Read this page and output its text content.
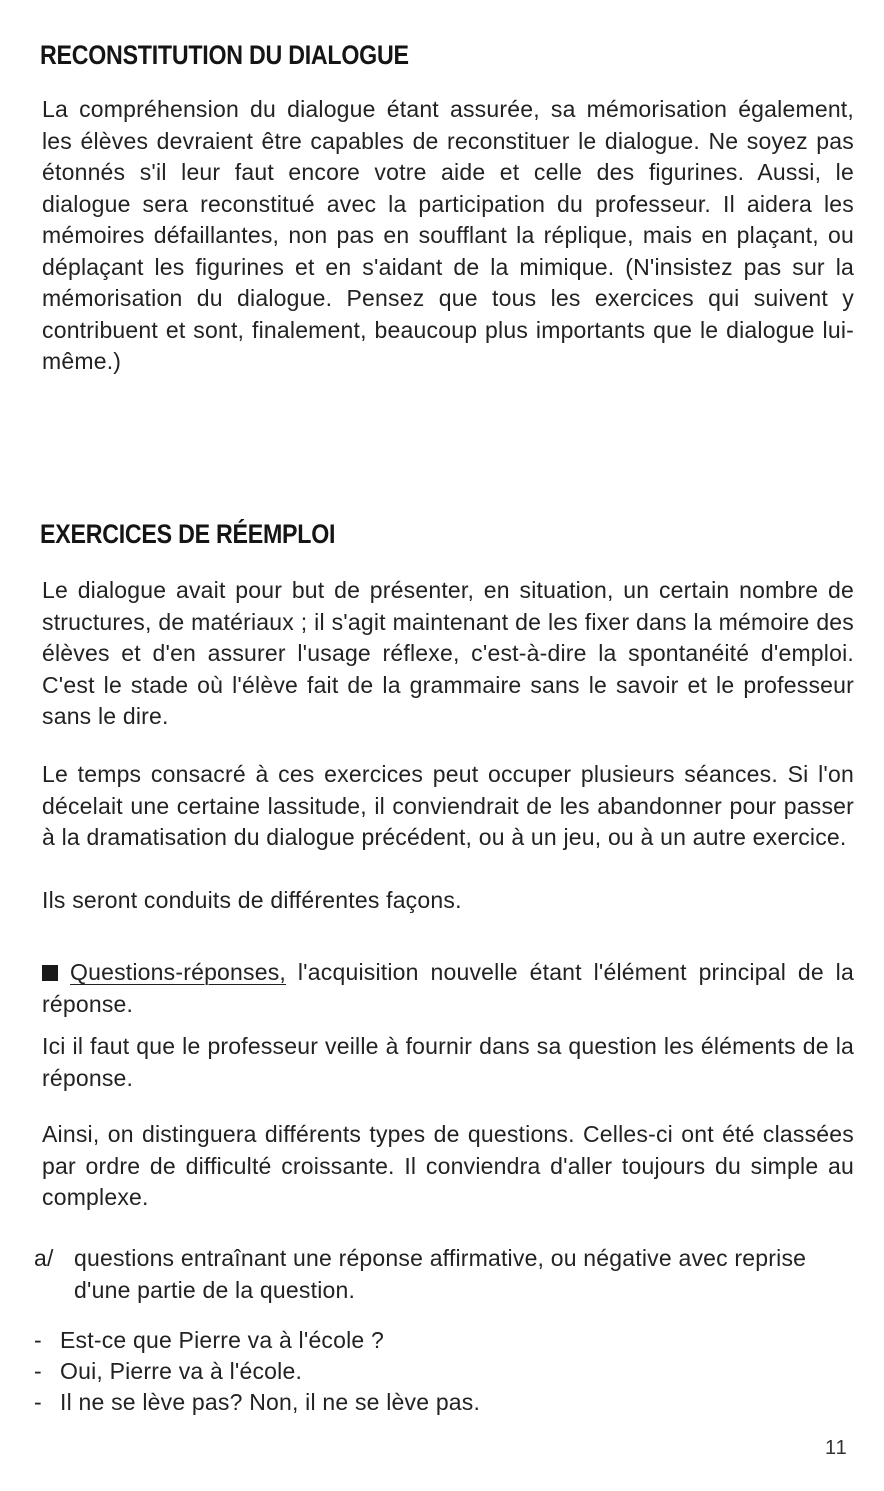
RECONSTITUTION DU DIALOGUE

La compréhension du dialogue étant assurée, sa mémorisation également, les élèves devraient être capables de reconstituer le dialogue. Ne soyez pas étonnés s'il leur faut encore votre aide et celle des figurines. Aussi, le dialogue sera reconstitué avec la participation du professeur. Il aidera les mémoires défaillantes, non pas en soufflant la réplique, mais en plaçant, ou déplaçant les figurines et en s'aidant de la mimique. (N'insistez pas sur la mémorisation du dialogue. Pensez que tous les exercices qui suivent y contribuent et sont, finalement, beaucoup plus importants que le dialogue lui-même.)

EXERCICES DE RÉEMPLOI

Le dialogue avait pour but de présenter, en situation, un certain nombre de structures, de matériaux ; il s'agit maintenant de les fixer dans la mémoire des élèves et d'en assurer l'usage réflexe, c'est-à-dire la spontanéité d'emploi. C'est le stade où l'élève fait de la grammaire sans le savoir et le professeur sans le dire.

Le temps consacré à ces exercices peut occuper plusieurs séances. Si l'on décelait une certaine lassitude, il conviendrait de les abandonner pour passer à la dramatisation du dialogue précédent, ou à un jeu, ou à un autre exercice.

Ils seront conduits de différentes façons.

Questions-réponses, l'acquisition nouvelle étant l'élément principal de la réponse.

Ici il faut que le professeur veille à fournir dans sa question les éléments de la réponse.

Ainsi, on distinguera différents types de questions. Celles-ci ont été classées par ordre de difficulté croissante. Il conviendra d'aller toujours du simple au complexe.

a/ questions entraînant une réponse affirmative, ou négative avec reprise d'une partie de la question.
- Est-ce que Pierre va à l'école ?
- Oui, Pierre va à l'école.
- Il ne se lève pas? Non, il ne se lève pas.
11
